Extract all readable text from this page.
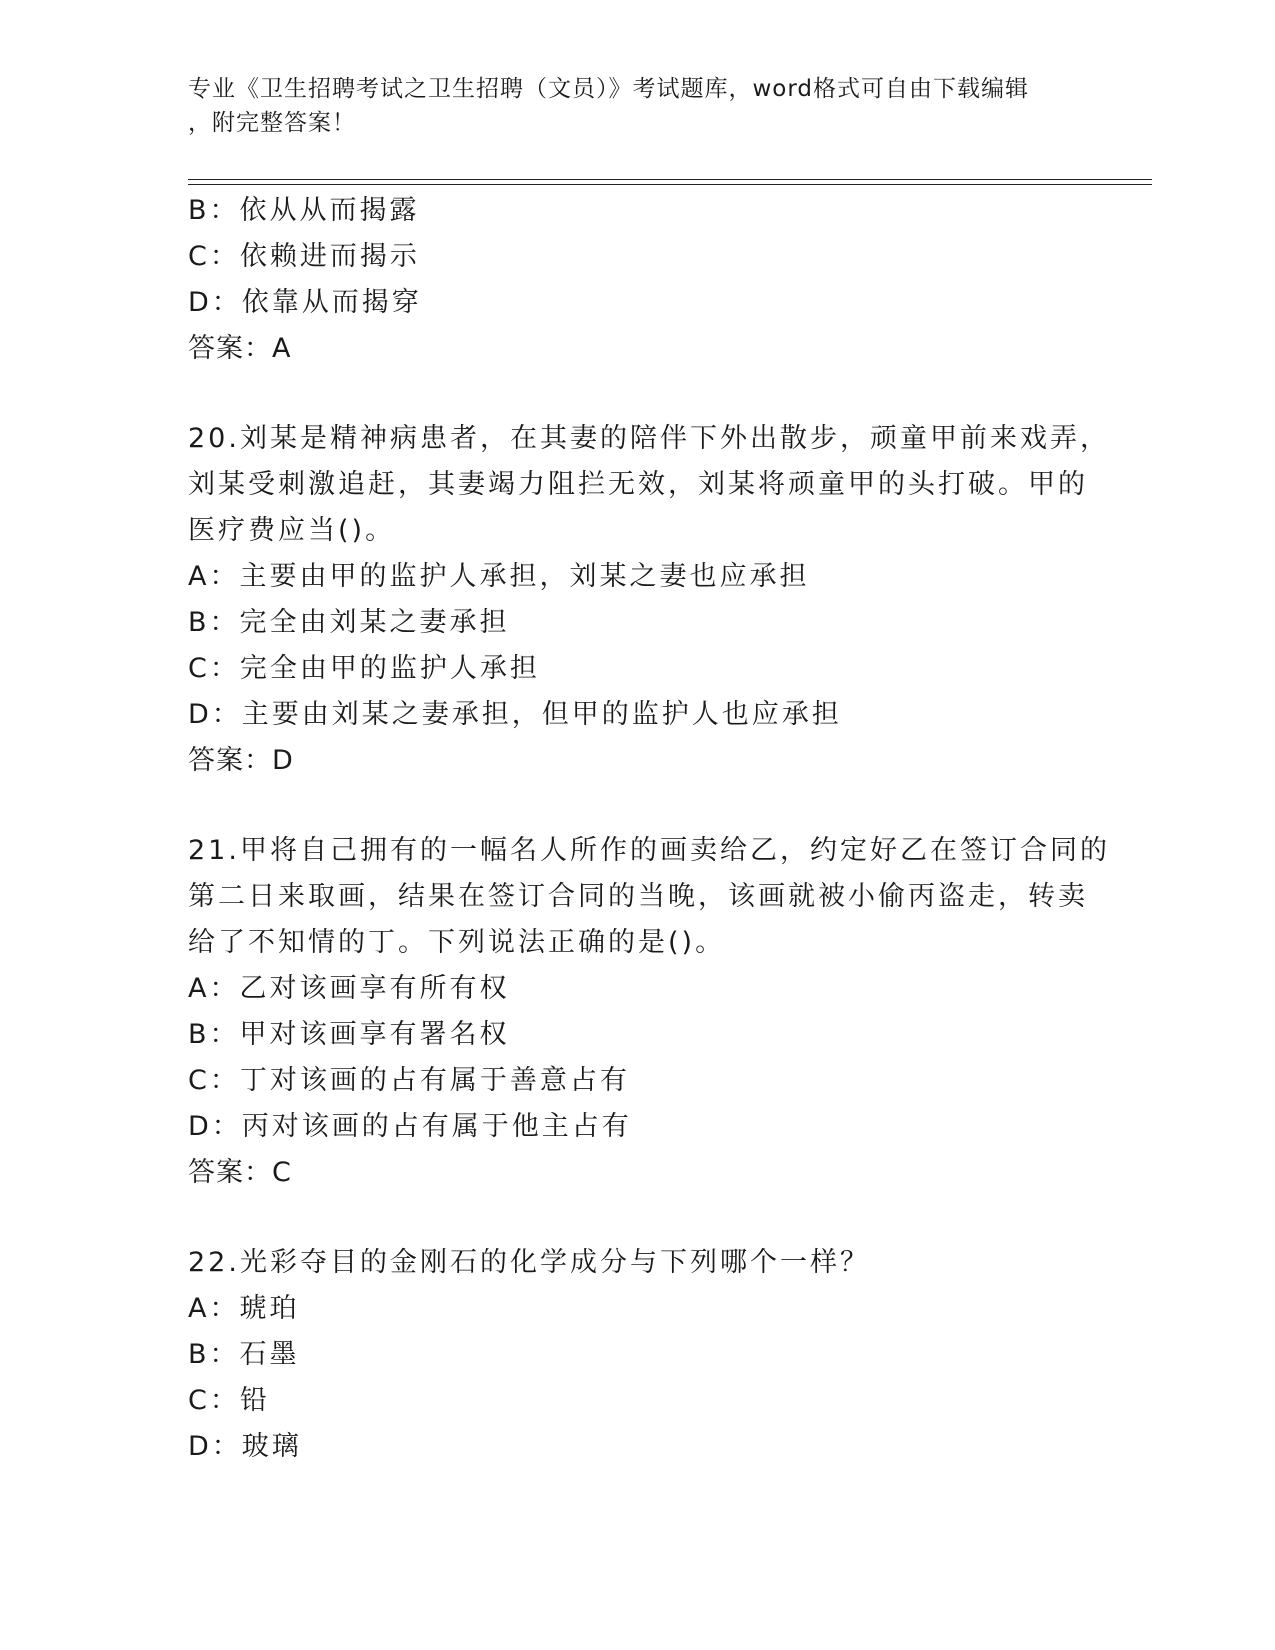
专业《卫生招聘考试之卫生招聘（文员）》考试题库，word格式可自由下载编辑
，附完整答案！
B：依从从而揭露
C：依赖进而揭示
D：依靠从而揭穿
答案：A
20.刘某是精神病患者，在其妻的陪伴下外出散步，顽童甲前来戏弄，
刘某受刺激追赶，其妻竭力阻拦无效，刘某将顽童甲的头打破。甲的
医疗费应当()。
A：主要由甲的监护人承担，刘某之妻也应承担
B：完全由刘某之妻承担
C：完全由甲的监护人承担
D：主要由刘某之妻承担，但甲的监护人也应承担
答案：D
21.甲将自己拥有的一幅名人所作的画卖给乙，约定好乙在签订合同的
第二日来取画，结果在签订合同的当晚，该画就被小偷丙盗走，转卖
给了不知情的丁。下列说法正确的是()。
A：乙对该画享有所有权
B：甲对该画享有署名权
C：丁对该画的占有属于善意占有
D：丙对该画的占有属于他主占有
答案：C
22.光彩夺目的金刚石的化学成分与下列哪个一样？
A：琥珀
B：石墨
C：铅
D：玻璃
